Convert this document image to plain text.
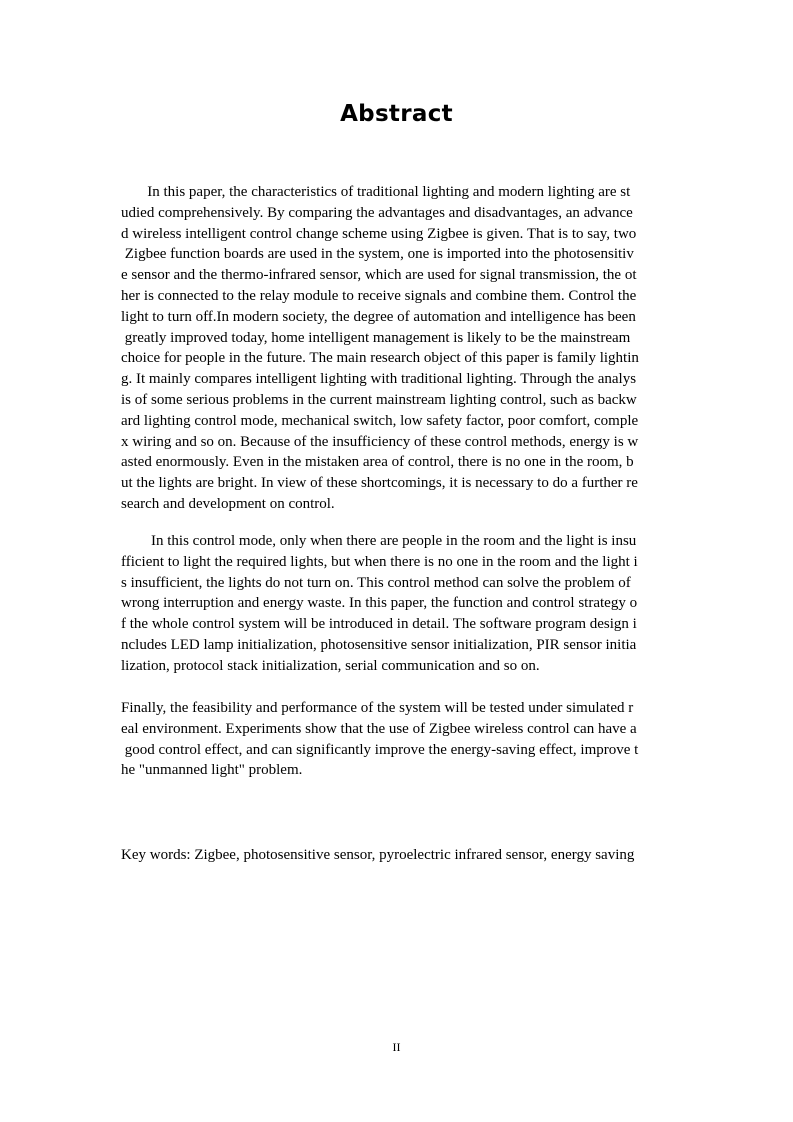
Abstract
In this paper, the characteristics of traditional lighting and modern lighting are st
udied comprehensively. By comparing the advantages and disadvantages, an advance
d wireless intelligent control change scheme using Zigbee is given. That is to say, two
Zigbee function boards are used in the system, one is imported into the photosensitiv
e sensor and the thermo-infrared sensor, which are used for signal transmission, the ot
her is connected to the relay module to receive signals and combine them. Control the
light to turn off.In modern society, the degree of automation and intelligence has been
greatly improved today, home intelligent management is likely to be the mainstream
choice for people in the future. The main research object of this paper is family lightin
g. It mainly compares intelligent lighting with traditional lighting. Through the analys
is of some serious problems in the current mainstream lighting control, such as backw
ard lighting control mode, mechanical switch, low safety factor, poor comfort, comple
x wiring and so on. Because of the insufficiency of these control methods, energy is w
asted enormously. Even in the mistaken area of control, there is no one in the room, b
ut the lights are bright. In view of these shortcomings, it is necessary to do a further re
search and development on control.
In this control mode, only when there are people in the room and the light is insu
fficient to light the required lights, but when there is no one in the room and the light i
s insufficient, the lights do not turn on. This control method can solve the problem of
wrong interruption and energy waste. In this paper, the function and control strategy o
f the whole control system will be introduced in detail. The software program design i
ncludes LED lamp initialization, photosensitive sensor initialization, PIR sensor initia
lization, protocol stack initialization, serial communication and so on.
Finally, the feasibility and performance of the system will be tested under simulated r
eal environment. Experiments show that the use of Zigbee wireless control can have a
good control effect, and can significantly improve the energy-saving effect, improve t
he "unmanned light" problem.
Key words: Zigbee, photosensitive sensor, pyroelectric infrared sensor, energy saving
II
